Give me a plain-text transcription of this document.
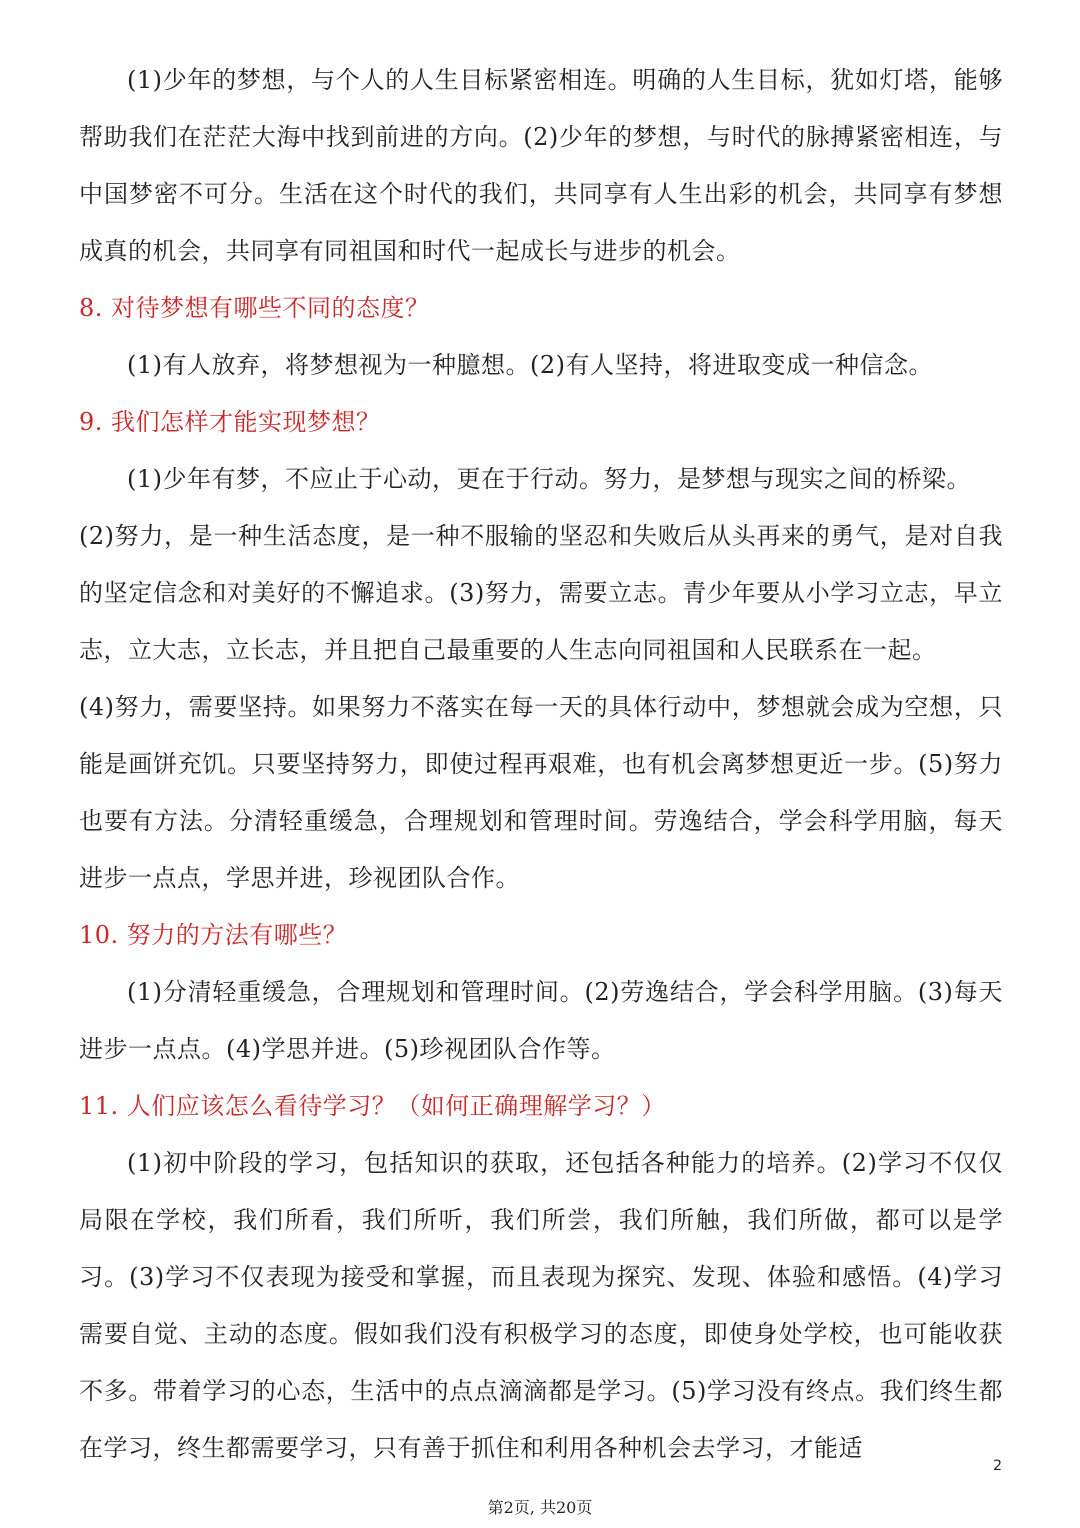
(1)少年的梦想，与个人的人生目标紧密相连。明确的人生目标，犹如灯塔，能够帮助我们在茫茫大海中找到前进的方向。(2)少年的梦想，与时代的脉搏紧密相连，与中国梦密不可分。生活在这个时代的我们，共同享有人生出彩的机会，共同享有梦想成真的机会，共同享有同祖国和时代一起成长与进步的机会。

8. 对待梦想有哪些不同的态度？

(1)有人放弃，将梦想视为一种臆想。(2)有人坚持，将进取变成一种信念。

9. 我们怎样才能实现梦想？

(1)少年有梦，不应止于心动，更在于行动。努力，是梦想与现实之间的桥梁。

(2)努力，是一种生活态度，是一种不服输的坚忍和失败后从头再来的勇气，是对自我的坚定信念和对美好的不懈追求。(3)努力，需要立志。青少年要从小学习立志，早立志，立大志，立长志，并且把自己最重要的人生志向同祖国和人民联系在一起。

(4)努力，需要坚持。如果努力不落实在每一天的具体行动中，梦想就会成为空想，只能是画饼充饥。只要坚持努力，即使过程再艰难，也有机会离梦想更近一步。(5)努力也要有方法。分清轻重缓急，合理规划和管理时间。劳逸结合，学会科学用脑，每天进步一点点，学思并进，珍视团队合作。

10. 努力的方法有哪些？

(1)分清轻重缓急，合理规划和管理时间。(2)劳逸结合，学会科学用脑。(3)每天进步一点点。(4)学思并进。(5)珍视团队合作等。

11. 人们应该怎么看待学习？（如何正确理解学习？）

(1)初中阶段的学习，包括知识的获取，还包括各种能力的培养。(2)学习不仅仅局限在学校，我们所看，我们所听，我们所尝，我们所触，我们所做，都可以是学习。(3)学习不仅表现为接受和掌握，而且表现为探究、发现、体验和感悟。(4)学习需要自觉、主动的态度。假如我们没有积极学习的态度，即使身处学校，也可能收获不多。带着学习的心态，生活中的点点滴滴都是学习。(5)学习没有终点。我们终生都在学习，终生都需要学习，只有善于抓住和利用各种机会去学习，才能适

2
第2页, 共20页
